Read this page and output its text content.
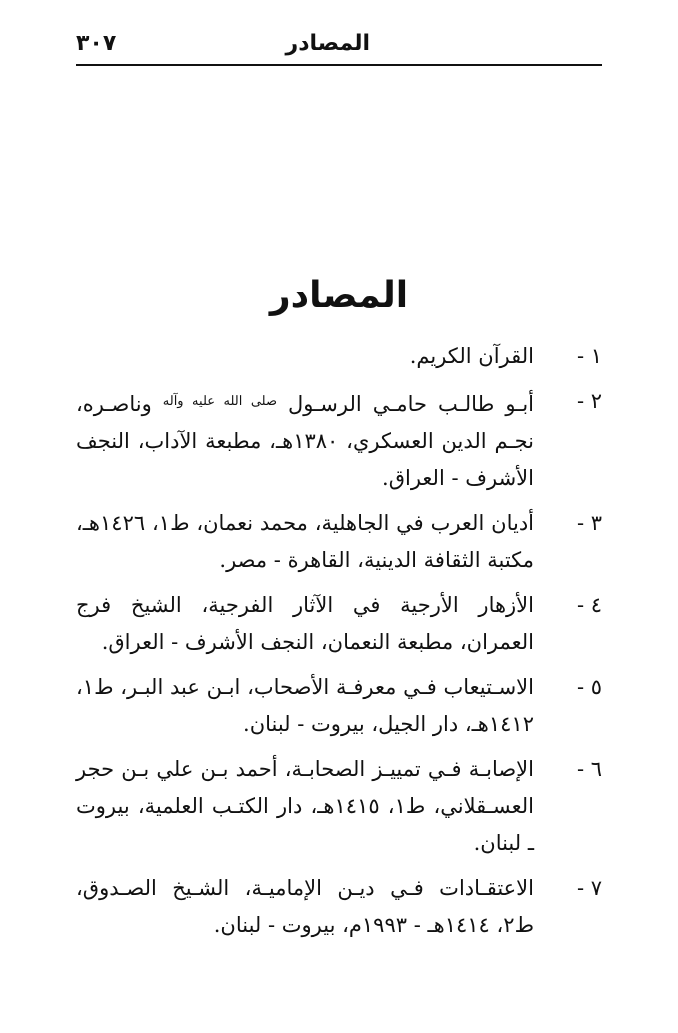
المصادر
٣٠٧
المصادر
١ -
القرآن الكريم.
٢ -
أبـو طالـب حامـي الرسـول $^{صلى الله عليه وآله}$ وناصـره، نجـم الدين العسكري، ١٣٨٠هـ، مطبعة الآداب، النجف الأشرف - العراق.
٣ -
أديان العرب في الجاهلية، محمد نعمان، ط١، ١٤٢٦هـ، مكتبة الثقافة الدينية، القاهرة - مصر.
٤ -
الأزهار الأرجية في الآثار الفرجية، الشيخ فرج العمران، مطبعة النعمان، النجف الأشرف - العراق.
٥ -
الاسـتيعاب فـي معرفـة الأصحاب، ابـن عبد البـر، ط١، ١٤١٢هـ، دار الجيل، بيروت - لبنان.
٦ -
الإصابـة فـي تمييـز الصحابـة، أحمد بـن علي بـن حجر العسـقلاني، ط١، ١٤١٥هـ، دار الكتـب العلمية، بيروت ـ لبنان.
٧ -
الاعتقـادات فـي ديـن الإماميـة، الشـيخ الصـدوق، ط٢، ١٤١٤هـ - ١٩٩٣م، بيروت - لبنان.
